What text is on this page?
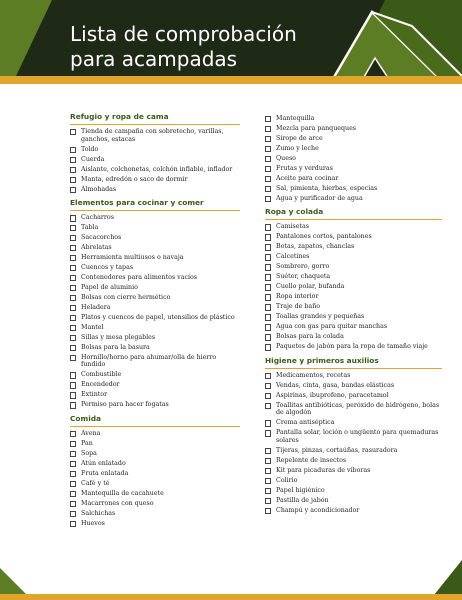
Lista de comprobación
para acampadas
Refugio y ropa de cama
Tienda de campaña con sobretecho, varillas, ganchos, estacas
Toldo
Cuerda
Aislante, colchonetas, colchón inflable, inflador
Manta, edredón o saco de dormir
Almohadas
Elementos para cocinar y comer
Cacharros
Tabla
Sacacorchos
Abrelatas
Herramienta multiusos o navaja
Cuencos y tapas
Contenedores para alimentos vacíos
Papel de aluminio
Bolsas con cierre hermético
Heladera
Platos y cuencos de papel, utensilios de plástico
Mantel
Sillas y mesa plegables
Bolsas para la basura
Hornillo/horno para ahumar/olla de hierro fundido
Combustible
Encendedor
Extintor
Permiso para hacer fogatas
Comida
Avena
Pan
Sopa
Atún enlatado
Fruta enlatada
Café y té
Mantequilla de cacahuete
Macarrones con queso
Salchichas
Huevos
Mantequilla
Mezcla para panqueques
Sirope de arce
Zumo y leche
Queso
Frutas y verduras
Aceite para cocinar
Sal, pimienta, hierbas, especias
Agua y purificador de agua
Ropa y colada
Camisetas
Pantalones cortos, pantalones
Botas, zapatos, chanclas
Calcetines
Sombrero, gorro
Suéter, chaqueta
Cuello polar, bufanda
Ropa interior
Traje de baño
Toallas grandes y pequeñas
Agua con gas para quitar manchas
Bolsas para la colada
Paquetes de jabón para la ropa de tamaño viaje
Higiene y primeros auxilios
Medicamentos, recetas
Vendas, cinta, gasa, bandas elásticas
Aspirinas, ibuprofeno, paracetamol
Toallitas antibióticas, peróxido de hidrógeno, bolas de algodón
Crema antiséptica
Pantalla solar, loción o ungüento para quemaduras solares
Tijeras, pinzas, cortaúñas, rasuradora
Repelente de insectos
Kit para picaduras de víboras
Colirio
Papel higiénico
Pastilla de jabón
Champú y acondicionador
